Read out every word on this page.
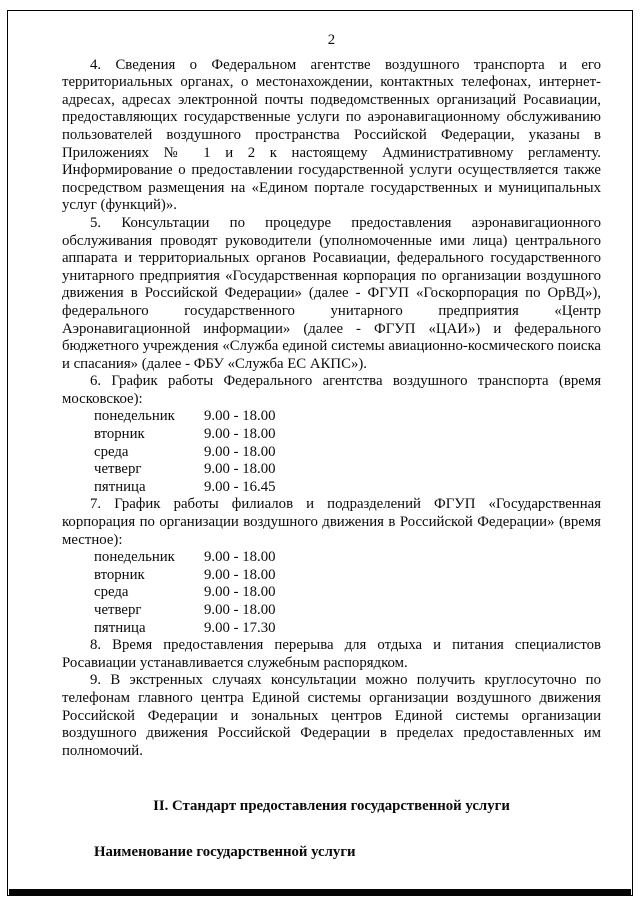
2

4. Сведения о Федеральном агентстве воздушного транспорта и его территориальных органах, о местонахождении, контактных телефонах, интернет-адресах, адресах электронной почты подведомственных организаций Росавиации, предоставляющих государственные услуги по аэронавигационному обслуживанию пользователей воздушного пространства Российской Федерации, указаны в Приложениях № 1 и 2 к настоящему Административному регламенту. Информирование о предоставлении государственной услуги осуществляется также посредством размещения на «Едином портале государственных и муниципальных услуг (функций)».

5. Консультации по процедуре предоставления аэронавигационного обслуживания проводят руководители (уполномоченные ими лица) центрального аппарата и территориальных органов Росавиации, федерального государственного унитарного предприятия «Государственная корпорация по организации воздушного движения в Российской Федерации» (далее - ФГУП «Госкорпорация по ОрВД»), федерального государственного унитарного предприятия «Центр Аэронавигационной информации» (далее - ФГУП «ЦАИ») и федерального бюджетного учреждения «Служба единой системы авиационно-космического поиска и спасания» (далее - ФБУ «Служба ЕС АКПС»).

6. График работы Федерального агентства воздушного транспорта (время московское):

понедельник	9.00 - 18.00
вторник	9.00 - 18.00
среда	9.00 - 18.00
четверг	9.00 - 18.00
пятница	9.00 - 16.45

7. График работы филиалов и подразделений ФГУП «Государственная корпорация по организации воздушного движения в Российской Федерации» (время местное):

понедельник	9.00 - 18.00
вторник	9.00 - 18.00
среда	9.00 - 18.00
четверг	9.00 - 18.00
пятница	9.00 - 17.30

8. Время предоставления перерыва для отдыха и питания специалистов Росавиации устанавливается служебным распорядком.

9. В экстренных случаях консультации можно получить круглосуточно по телефонам главного центра Единой системы организации воздушного движения Российской Федерации и зональных центров Единой системы организации воздушного движения Российской Федерации в пределах предоставленных им полномочий.

II. Стандарт предоставления государственной услуги
Наименование государственной услуги
